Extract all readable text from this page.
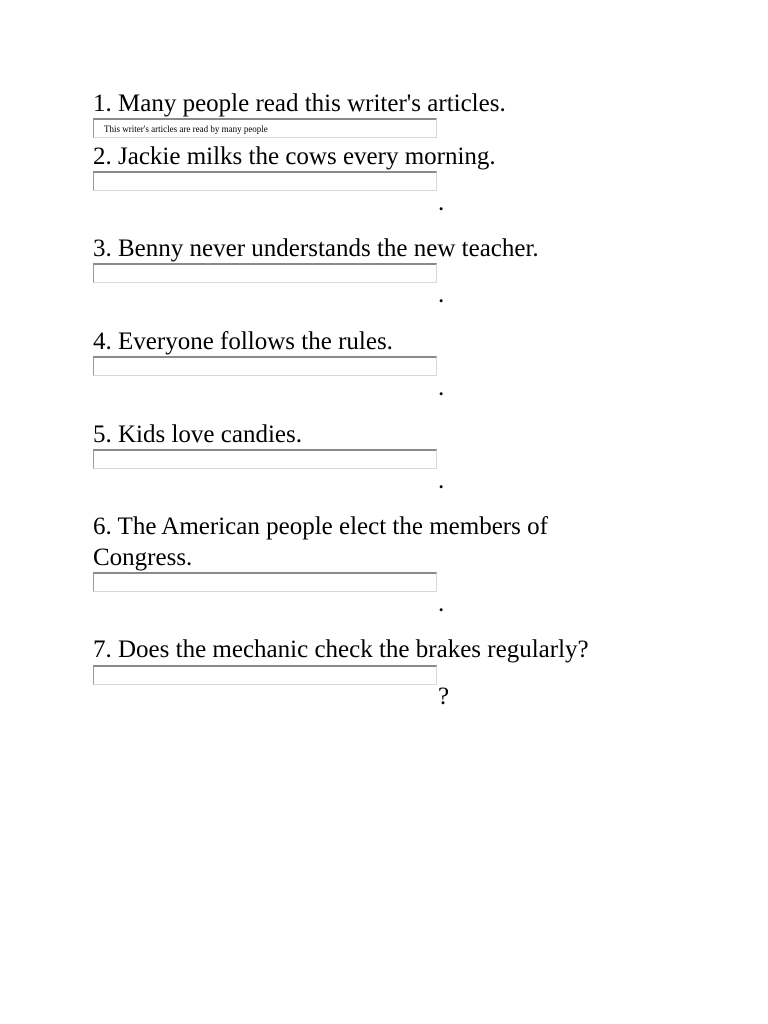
1. Many people read this writer's articles.
This writer's articles are read by many people
2. Jackie milks the cows every morning.
.
3. Benny never understands the new teacher.
.
4. Everyone follows the rules.
.
5. Kids love candies.
.
6. The American people elect the members of Congress.
.
7. Does the mechanic check the brakes regularly?
?
